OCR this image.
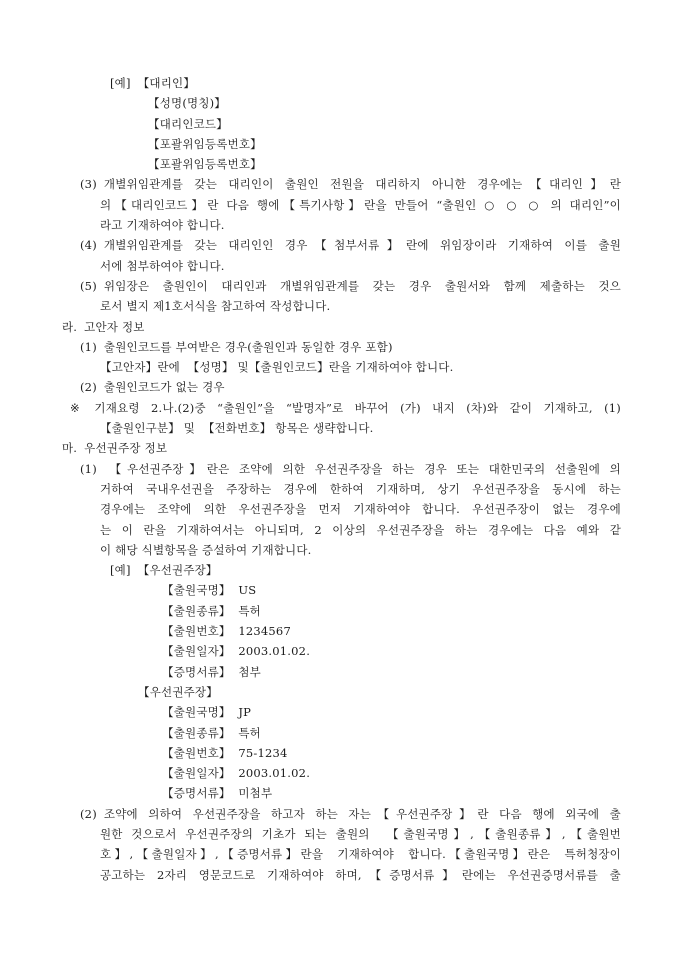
[예] 【대리인】
【성명(명칭)】
【대리인코드】
【포괄위임등록번호】
【포괄위임등록번호】
(3) 개별위임관계를 갖는 대리인이 출원인 전원을 대리하지 아니한 경우에는【대리인】란
의【대리인코드】란 다음 행에【특기사항】란을 만들어 “출원인 ○ ○ ○ 의 대리인”이
라고 기재하여야 합니다.
(4) 개별위임관계를 갖는 대리인인 경우【첨부서류】란에 위임장이라 기재하여 이를 출원
서에 첨부하여야 합니다.
(5) 위임장은 출원인이 대리인과 개별위임관계를 갖는 경우 출원서와 함께 제출하는 것으
로서 별지 제1호서식을 참고하여 작성합니다.
라. 고안자 정보
(1) 출원인코드를 부여받은 경우(출원인과 동일한 경우 포함)
【고안자】란에  【성명】 및【출원인코드】란을 기재하여야 합니다.
(2) 출원인코드가 없는 경우
※ 기재요령 2.나.(2)중 “출원인”을 “발명자”로 바꾸어 (가) 내지 (차)와 같이 기재하고, (1)
【출원인구분】 및  【전화번호】 항목은 생략합니다.
마. 우선권주장 정보
(1) 【우선권주장】란은 조약에 의한 우선권주장을 하는 경우 또는 대한민국의 선출원에 의
거하여 국내우선권을 주장하는 경우에 한하여 기재하며, 상기 우선권주장을 동시에 하는
경우에는 조약에 의한 우선권주장을 먼저 기재하여야 합니다. 우선권주장이 없는 경우에
는 이 란을 기재하여서는 아니되며, 2 이상의 우선권주장을 하는 경우에는 다음 예와 같
이 해당 식별항목을 증설하여 기재합니다.
[예] 【우선권주장】
【출원국명】  US
【출원종류】  특허
【출원번호】  1234567
【출원일자】  2003.01.02.
【증명서류】  첨부
【우선권주장】
【출원국명】  JP
【출원종류】  특허
【출원번호】  75-1234
【출원일자】  2003.01.02.
【증명서류】  미첨부
(2) 조약에 의하여 우선권주장을 하고자 하는 자는【우선권주장】란 다음 행에 외국에 출
원한 것으로서 우선권주장의 기초가 되는 출원의  【출원국명】,【출원종류】,【출원번
호】,【출원일자】,【증명서류】란을  기재하여야  합니다.【출원국명】란은  특허청장이
공고하는 2자리 영문코드로 기재하여야 하며,【증명서류】란에는 우선권증명서류를 출
